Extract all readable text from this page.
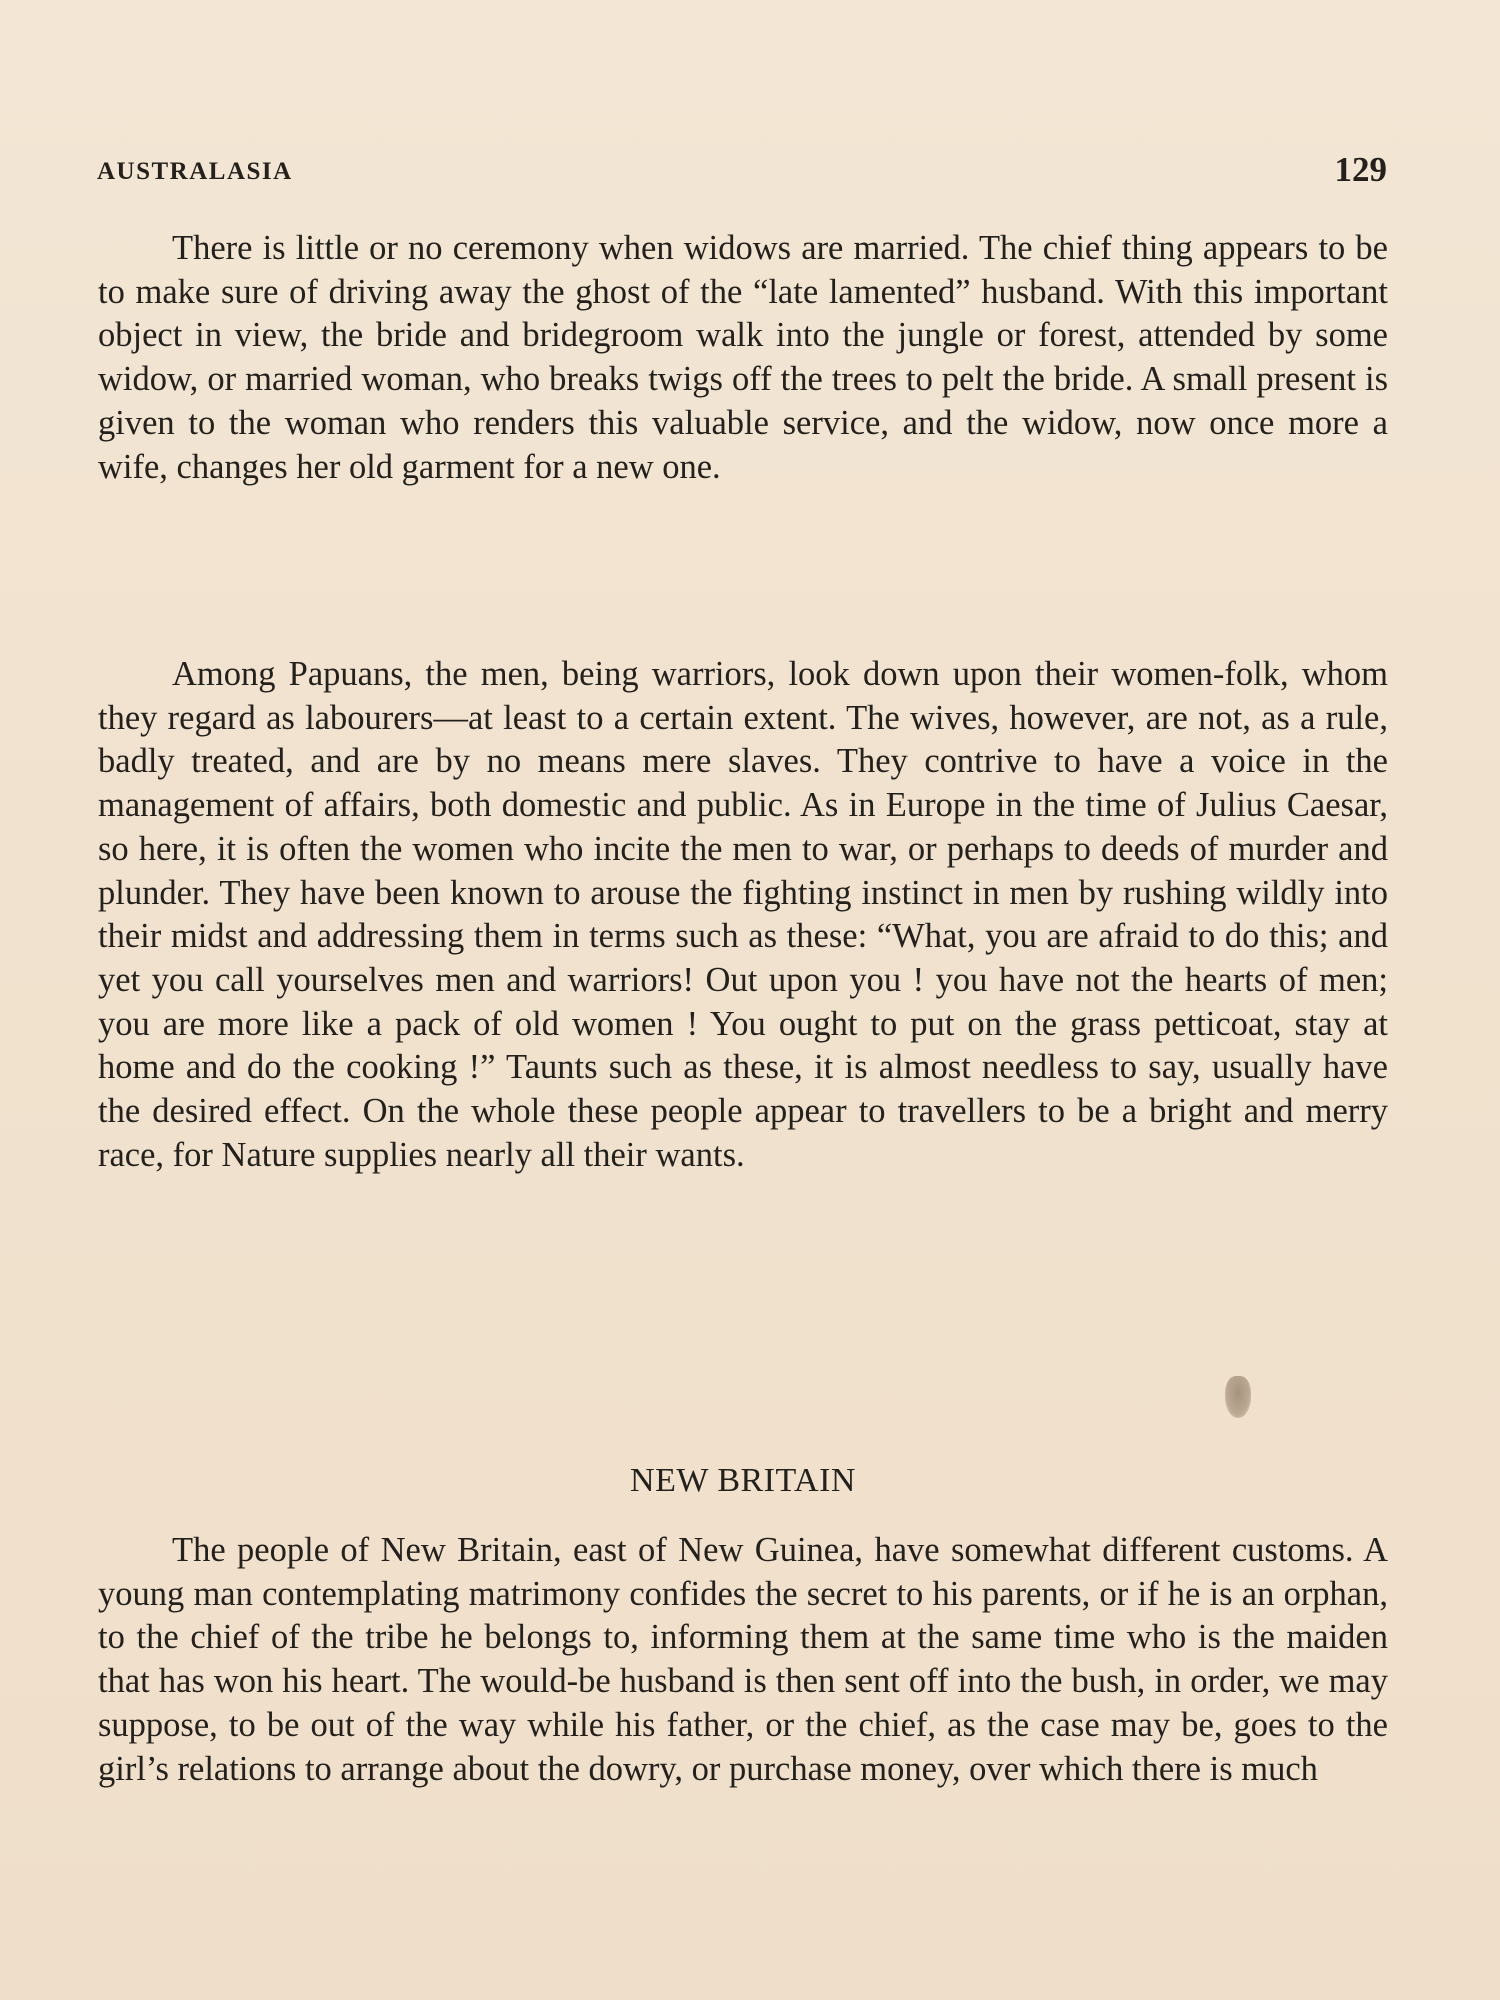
AUSTRALASIA	129

There is little or no ceremony when widows are married. The chief thing appears to be to make sure of driving away the ghost of the “late lamented” husband. With this important object in view, the bride and bridegroom walk into the jungle or forest, attended by some widow, or married woman, who breaks twigs off the trees to pelt the bride. A small present is given to the woman who renders this valuable service, and the widow, now once more a wife, changes her old garment for a new one.

Among Papuans, the men, being warriors, look down upon their women-folk, whom they regard as labourers—at least to a certain extent. The wives, however, are not, as a rule, badly treated, and are by no means mere slaves. They contrive to have a voice in the management of affairs, both domestic and public. As in Europe in the time of Julius Caesar, so here, it is often the women who incite the men to war, or perhaps to deeds of murder and plunder. They have been known to arouse the fighting instinct in men by rushing wildly into their midst and addressing them in terms such as these: “What, you are afraid to do this; and yet you call yourselves men and warriors! Out upon you ! you have not the hearts of men; you are more like a pack of old women ! You ought to put on the grass petticoat, stay at home and do the cooking !” Taunts such as these, it is almost needless to say, usually have the desired effect. On the whole these people appear to travellers to be a bright and merry race, for Nature supplies nearly all their wants.

NEW BRITAIN

The people of New Britain, east of New Guinea, have somewhat different customs. A young man contemplating matrimony confides the secret to his parents, or if he is an orphan, to the chief of the tribe he belongs to, informing them at the same time who is the maiden that has won his heart. The would-be husband is then sent off into the bush, in order, we may suppose, to be out of the way while his father, or the chief, as the case may be, goes to the girl’s relations to arrange about the dowry, or purchase money, over which there is much
